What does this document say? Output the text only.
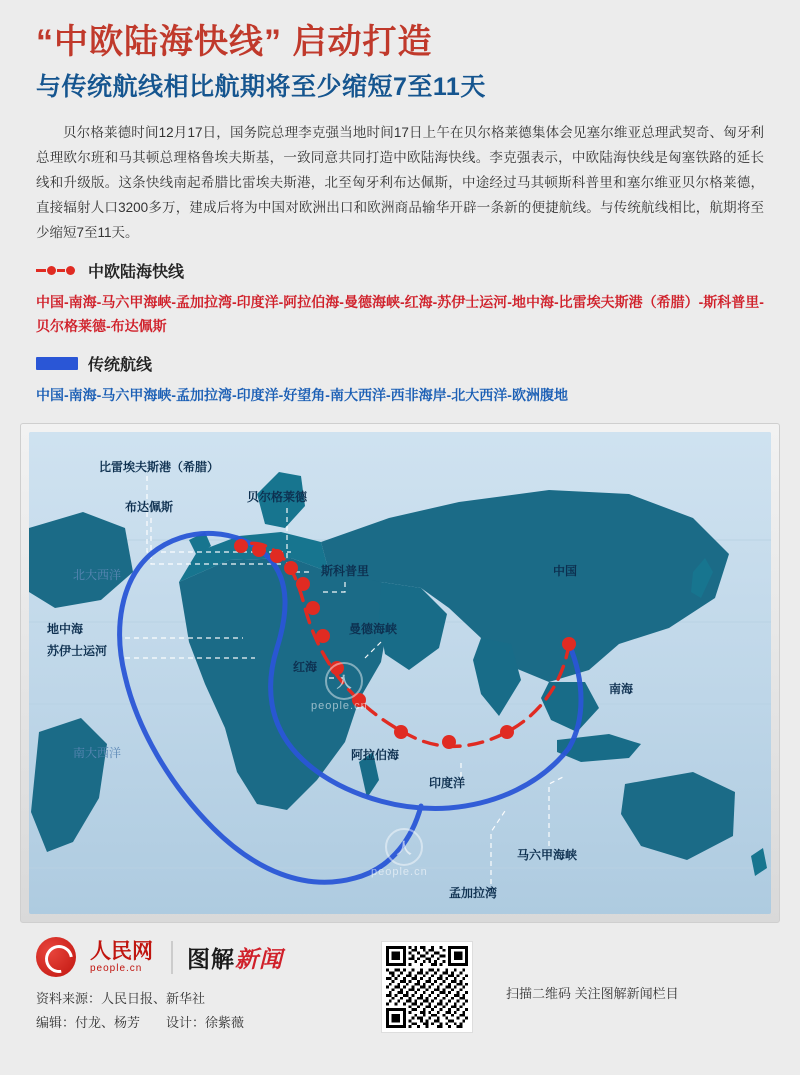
“中欧陆海快线” 启动打造
与传统航线相比航期将至少缩短7至11天
贝尔格莱德时间12月17日，国务院总理李克强当地时间17日上午在贝尔格莱德集体会见塞尔维亚总理武契奇、匈牙利总理欧尔班和马其顿总理格鲁埃夫斯基，一致同意共同打造中欧陆海快线。李克强表示，中欧陆海快线是匈塞铁路的延长线和升级版。这条快线南起希腊比雷埃夫斯港，北至匈牙利布达佩斯，中途经过马其顿斯科普里和塞尔维亚贝尔格莱德，直接辐射人口3200多万，建成后将为中国对欧洲出口和欧洲商品输华开辟一条新的便捷航线。与传统航线相比，航期将至少缩短7至11天。
中欧陆海快线
中国-南海-马六甲海峡-孟加拉湾-印度洋-阿拉伯海-曼德海峡-红海-苏伊士运河-地中海-比雷埃夫斯港（希腊）-斯科普里-贝尔格莱德-布达佩斯
传统航线
中国-南海-马六甲海峡-孟加拉湾-印度洋-好望角-南大西洋-西非海岸-北大西洋-欧洲腹地
比雷埃夫斯港（希腊）
布达佩斯
贝尔格莱德
斯科普里	中国
南海
曼德海峡
红海
地中海
苏伊士运河
阿拉伯海
印度洋
马六甲海峡
孟加拉湾
北大西洋
南大西洋
人
people.cn
人
people.cn
人民网
people.cn	图解新闻
资料来源：人民日报、新华社
编辑：付龙、杨芳　　设计：徐紫薇
扫描二维码 关注图解新闻栏目
